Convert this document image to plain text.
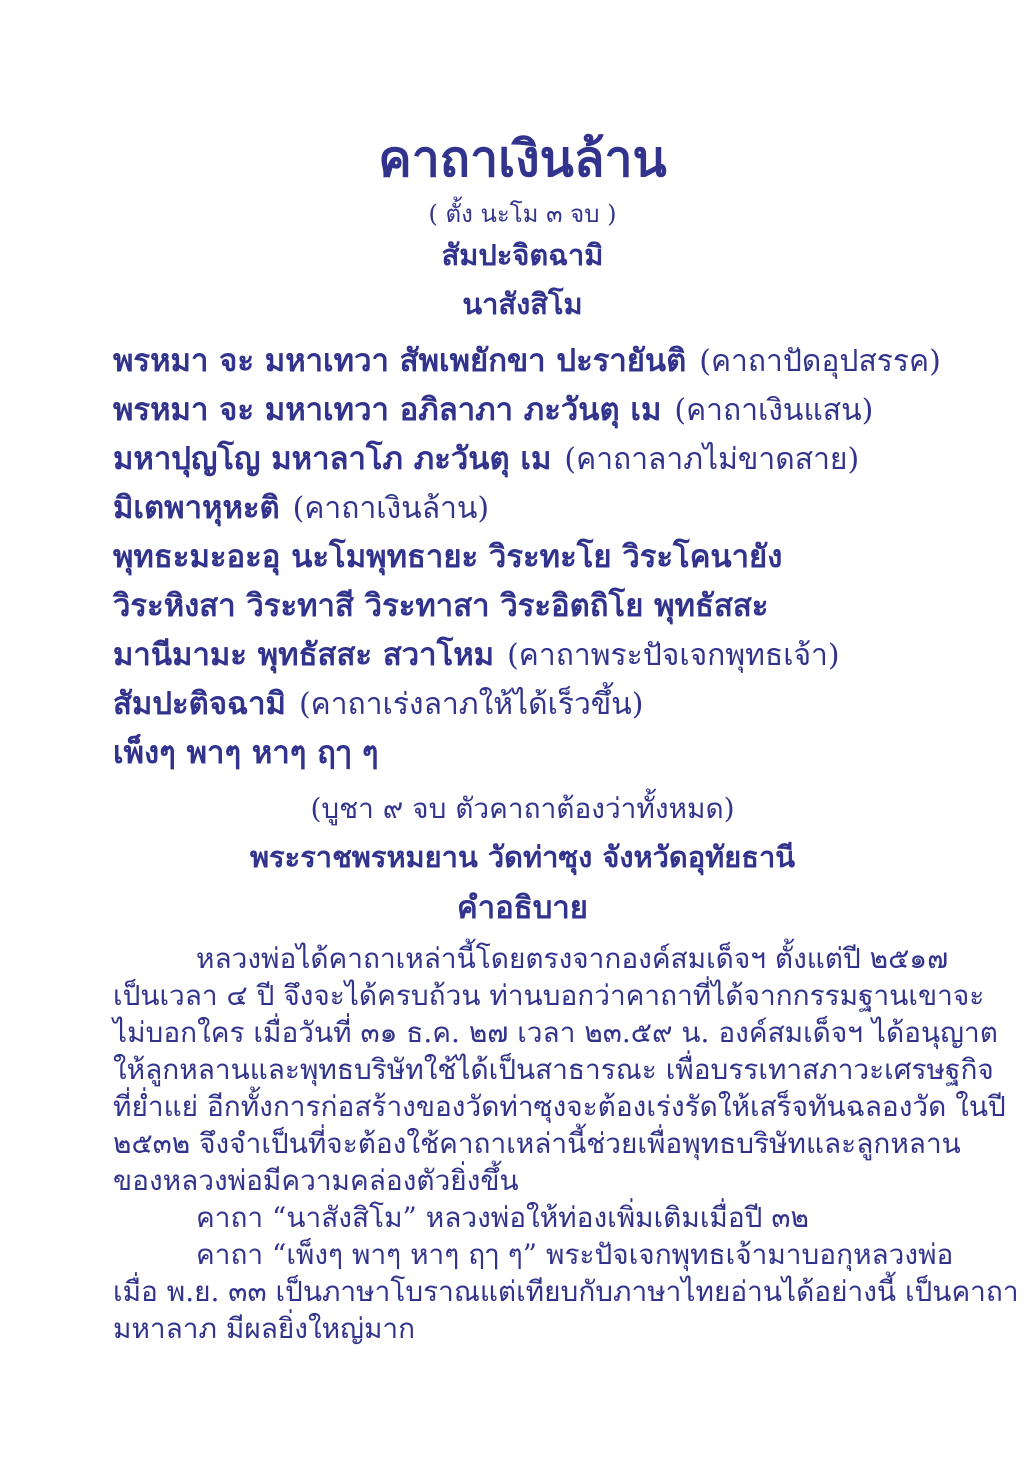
คาถาเงินล้าน
( ตั้ง นะโม ๓ จบ )
สัมปะจิตฉามิ
นาสังสิโม
พรหมา จะ มหาเทวา สัพเพยักขา ปะรายันติ (คาถาปัดอุปสรรค)
พรหมา จะ มหาเทวา อภิลาภา ภะวันตุ เม (คาถาเงินแสน)
มหาปุญโญ มหาลาโภ ภะวันตุ เม (คาถาลาภไม่ขาดสาย)
มิเตพาหุหะติ (คาถาเงินล้าน)
พุทธะมะอะอุ นะโมพุทธายะ วิระทะโย วิระโคนายัง
วิระหิงสา วิระทาสี วิระทาสา วิระอิตถิโย พุทธัสสะ
มานีมามะ พุทธัสสะ สวาโหม (คาถาพระปัจเจกพุทธเจ้า)
สัมปะติจฉามิ (คาถาเร่งลาภให้ได้เร็วขึ้น)
เพ็งๆ พาๆ หาๆ ฤๅ ๆ
(บูชา ๙ จบ ตัวคาถาต้องว่าทั้งหมด)
พระราชพรหมยาน วัดท่าซุง จังหวัดอุทัยธานี
คำอธิบาย
หลวงพ่อได้คาถาเหล่านี้โดยตรงจากองค์สมเด็จฯ ตั้งแต่ปี ๒๕๑๗
เป็นเวลา ๔ ปี จึงจะได้ครบถ้วน ท่านบอกว่าคาถาที่ได้จากกรรมฐานเขาจะ
ไม่บอกใคร เมื่อวันที่ ๓๑ ธ.ค. ๒๗ เวลา ๒๓.๕๙ น. องค์สมเด็จฯ ได้อนุญาต
ให้ลูกหลานและพุทธบริษัทใช้ได้เป็นสาธารณะ เพื่อบรรเทาสภาวะเศรษฐกิจ
ที่ย่ำแย่ อีกทั้งการก่อสร้างของวัดท่าซุงจะต้องเร่งรัดให้เสร็จทันฉลองวัด ในปี
๒๕๓๒ จึงจำเป็นที่จะต้องใช้คาถาเหล่านี้ช่วยเพื่อพุทธบริษัทและลูกหลาน
ของหลวงพ่อมีความคล่องตัวยิ่งขึ้น
คาถา “นาสังสิโม” หลวงพ่อให้ท่องเพิ่มเติมเมื่อปี ๓๒
คาถา “เพ็งๆ พาๆ หาๆ ฤๅ ๆ” พระปัจเจกพุทธเจ้ามาบอกุหลวงพ่อ
เมื่อ พ.ย. ๓๓ เป็นภาษาโบราณแต่เทียบกับภาษาไทยอ่านได้อย่างนี้ เป็นคาถา
มหาลาภ มีผลยิ่งใหญ่มาก
